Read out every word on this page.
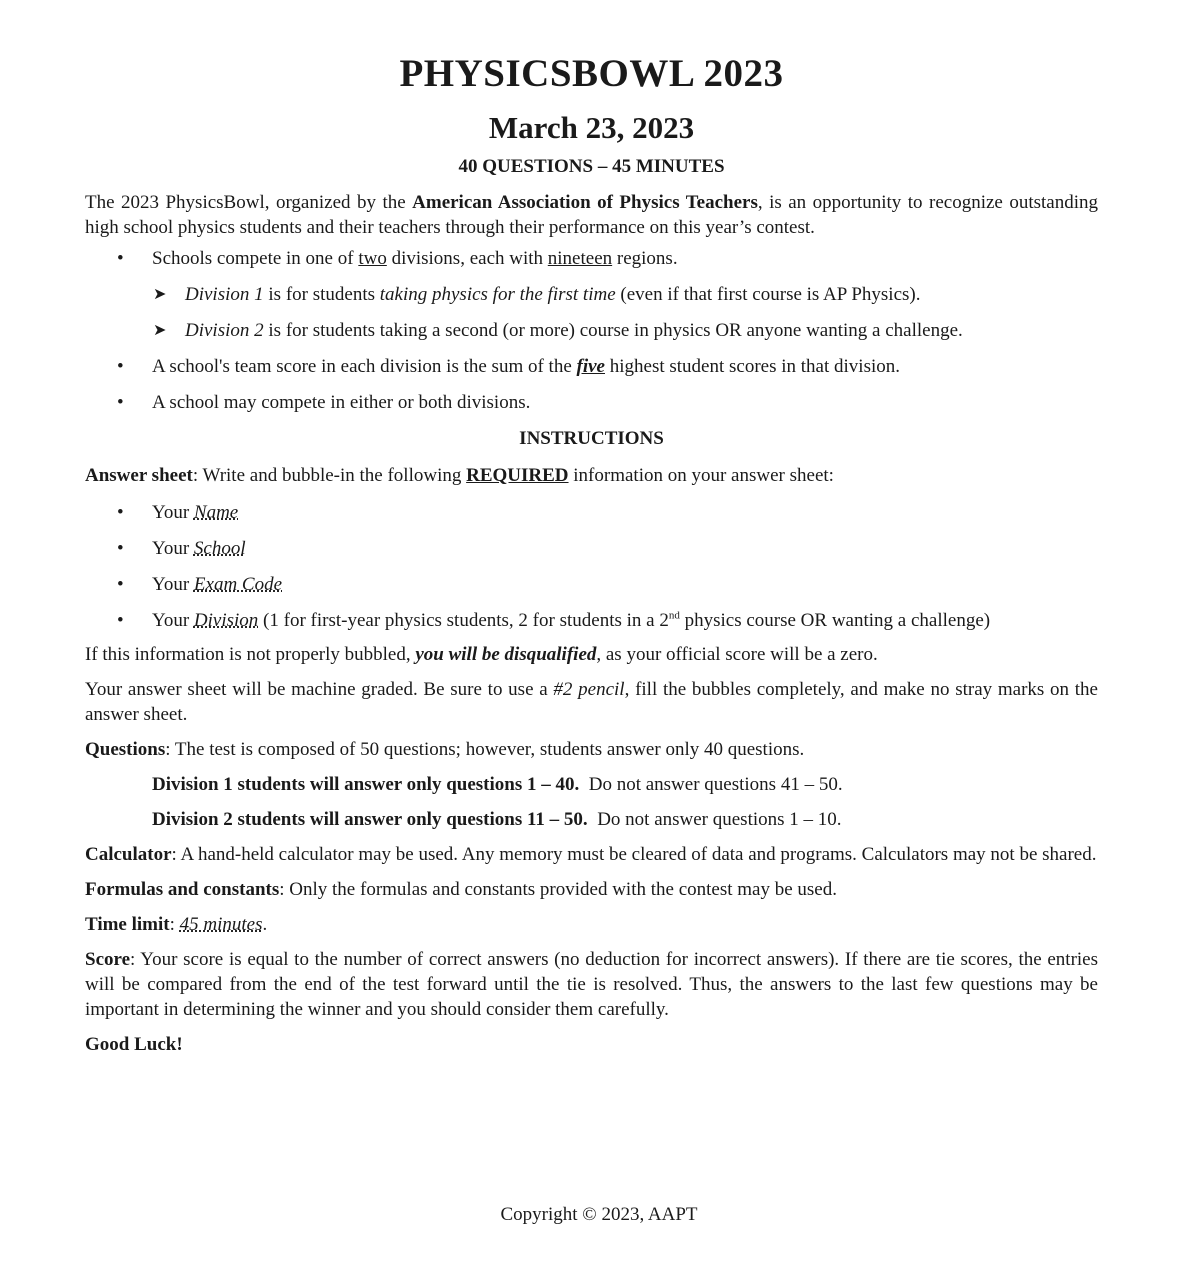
PHYSICSBOWL 2023
March 23, 2023
40 QUESTIONS – 45 MINUTES

The 2023 PhysicsBowl, organized by the American Association of Physics Teachers, is an opportunity to recognize outstanding high school physics students and their teachers through their performance on this year’s contest.

• Schools compete in one of two divisions, each with nineteen regions.
➤ Division 1 is for students taking physics for the first time (even if that first course is AP Physics).
➤ Division 2 is for students taking a second (or more) course in physics OR anyone wanting a challenge.
• A school's team score in each division is the sum of the five highest student scores in that division.
• A school may compete in either or both divisions.
INSTRUCTIONS

Answer sheet: Write and bubble-in the following REQUIRED information on your answer sheet:

• Your Name
• Your School
• Your Exam Code
• Your Division (1 for first-year physics students, 2 for students in a 2nd physics course OR wanting a challenge)

If this information is not properly bubbled, you will be disqualified, as your official score will be a zero.

Your answer sheet will be machine graded. Be sure to use a #2 pencil, fill the bubbles completely, and make no stray marks on the answer sheet.

Questions: The test is composed of 50 questions; however, students answer only 40 questions.

Division 1 students will answer only questions 1 – 40.  Do not answer questions 41 – 50.

Division 2 students will answer only questions 11 – 50.  Do not answer questions 1 – 10.

Calculator: A hand-held calculator may be used. Any memory must be cleared of data and programs. Calculators may not be shared.

Formulas and constants: Only the formulas and constants provided with the contest may be used.

Time limit: 45 minutes.

Score: Your score is equal to the number of correct answers (no deduction for incorrect answers). If there are tie scores, the entries will be compared from the end of the test forward until the tie is resolved. Thus, the answers to the last few questions may be important in determining the winner and you should consider them carefully.

Good Luck!

Copyright © 2023, AAPT
